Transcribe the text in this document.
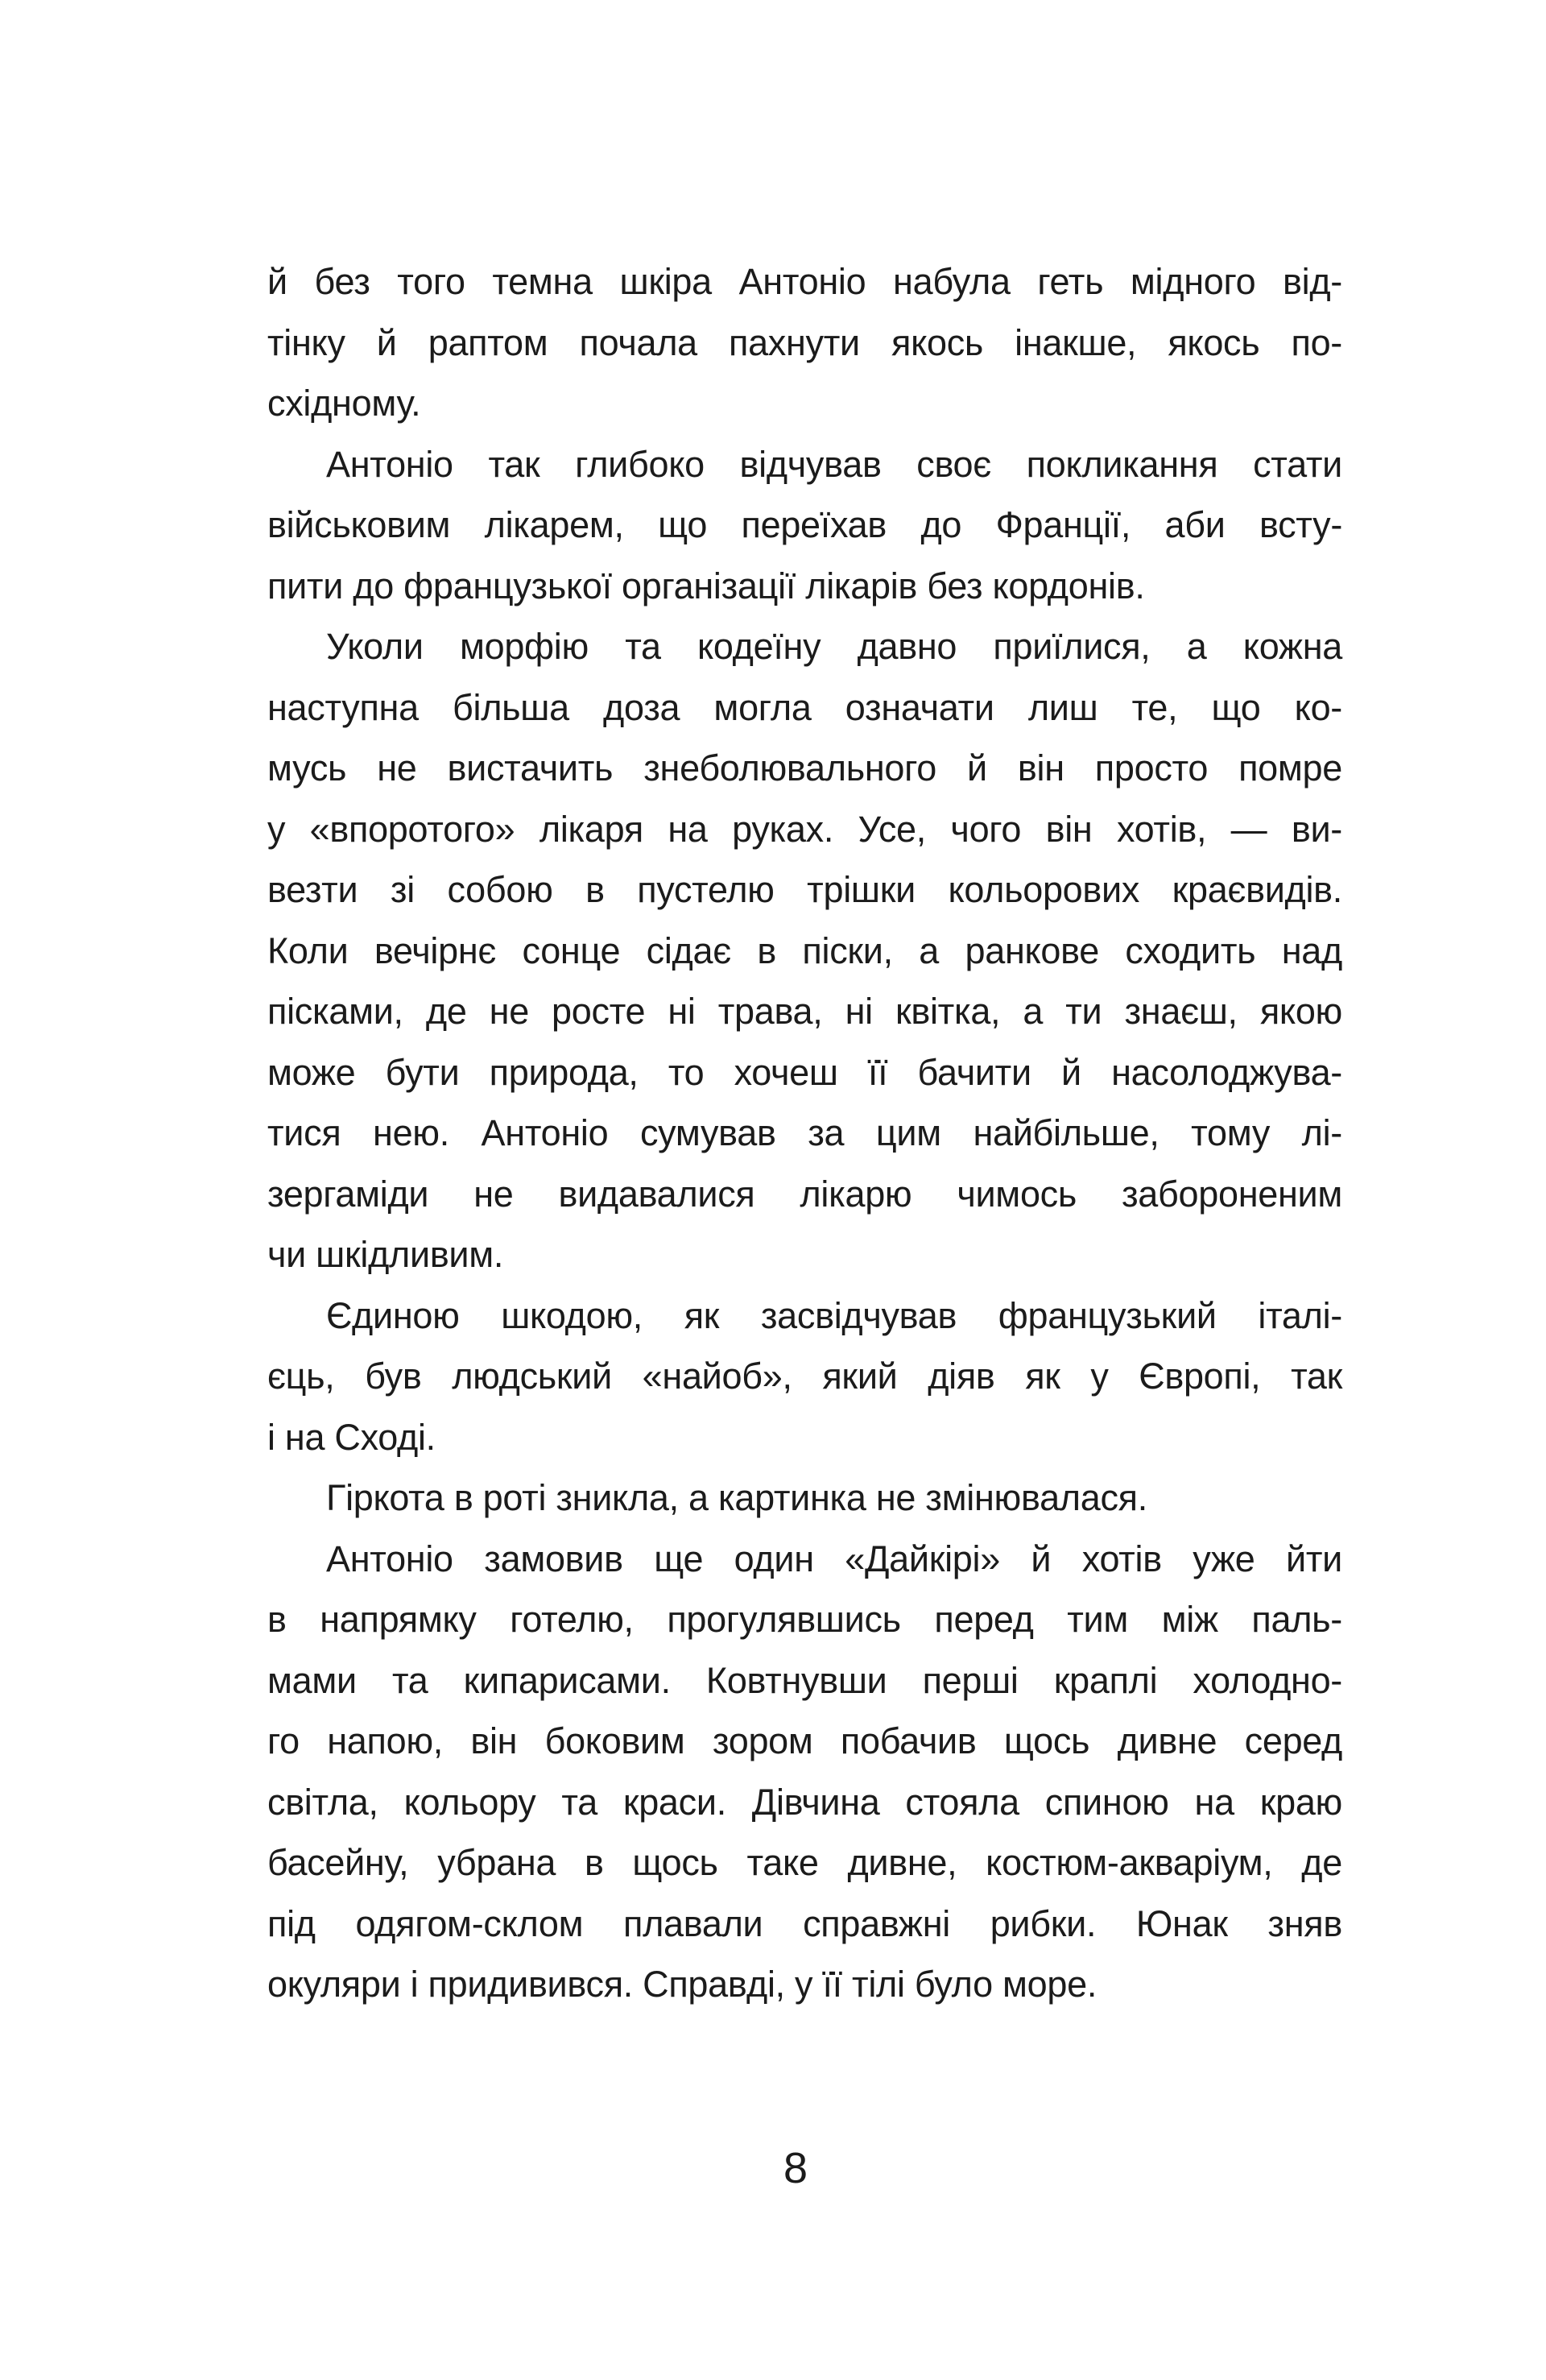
й без того темна шкіра Антоніо набула геть мідного від-
тінку й раптом почала пахнути якось інакше, якось по-
східному.
Антоніо так глибоко відчував своє покликання стати
військовим лікарем, що переїхав до Франції, аби всту-
пити до французької організації лікарів без кордонів.
Уколи морфію та кодеїну давно приїлися, а кожна
наступна більша доза могла означати лиш те, що ко-
мусь не вистачить знеболювального й він просто помре
у «впоротого» лікаря на руках. Усе, чого він хотів, — ви-
везти зі собою в пустелю трішки кольорових краєвидів.
Коли вечірнє сонце сідає в піски, а ранкове сходить над
пісками, де не росте ні трава, ні квітка, а ти знаєш, якою
може бути природа, то хочеш її бачити й насолоджува-
тися нею. Антоніо сумував за цим найбільше, тому лі-
зергаміди не видавалися лікарю чимось забороненим
чи шкідливим.
Єдиною шкодою, як засвідчував французький італі-
єць, був людський «найоб», який діяв як у Європі, так
і на Сході.
Гіркота в роті зникла, а картинка не змінювалася.
Антоніо замовив ще один «Дайкірі» й хотів уже йти
в напрямку готелю, прогулявшись перед тим між паль-
мами та кипарисами. Ковтнувши перші краплі холодно-
го напою, він боковим зором побачив щось дивне серед
світла, кольору та краси. Дівчина стояла спиною на краю
басейну, убрана в щось таке дивне, костюм-акваріум, де
під одягом-склом плавали справжні рибки. Юнак зняв
окуляри і придивився. Справді, у її тілі було море.
8
